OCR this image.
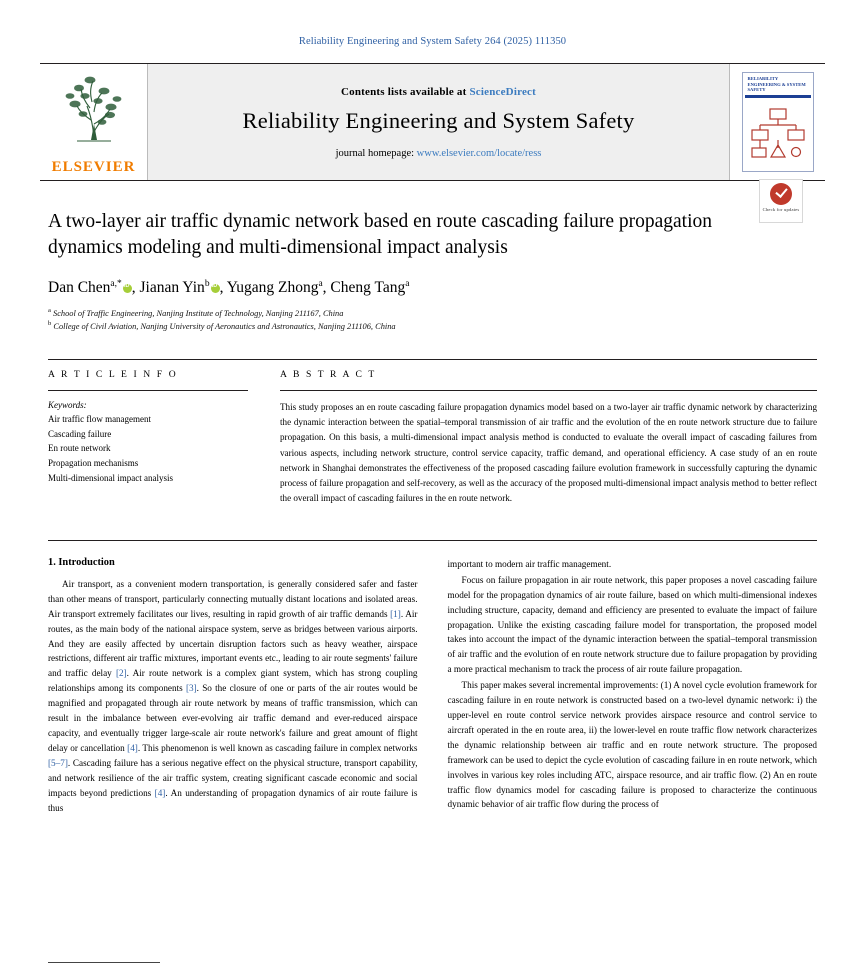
Reliability Engineering and System Safety 264 (2025) 111350
ELSEVIER
Contents lists available at ScienceDirect
Reliability Engineering and System Safety
journal homepage: www.elsevier.com/locate/ress
RELIABILITY ENGINEERING & SYSTEM SAFETY
Check for updates
A two-layer air traffic dynamic network based en route cascading failure propagation dynamics modeling and multi-dimensional impact analysis
Dan Chen$^{a,*}$ iD , Jianan Yin$^b$ iD , Yugang Zhong$^a$, Cheng Tang$^a$
$^a$ School of Traffic Engineering, Nanjing Institute of Technology, Nanjing 211167, China
$^b$ College of Civil Aviation, Nanjing University of Aeronautics and Astronautics, Nanjing 211106, China
A R T I C L E I N F O
Keywords:
Air traffic flow management
Cascading failure
En route network
Propagation mechanisms
Multi-dimensional impact analysis
A B S T R A C T
This study proposes an en route cascading failure propagation dynamics model based on a two-layer air traffic dynamic network by characterizing the dynamic interaction between the spatial–temporal transmission of air traffic and the evolution of the en route network structure due to failure propagation. On this basis, a multi-dimensional impact analysis method is conducted to evaluate the overall impact of cascading failures from various aspects, including network structure, control service capacity, traffic demand, and operational efficiency. A case study of an en route network in Shanghai demonstrates the effectiveness of the proposed cascading failure evolution framework in successfully capturing the dynamic process of failure propagation and self-recovery, as well as the accuracy of the proposed multi-dimensional impact analysis method to better reflect the overall impact of cascading failures in the en route network.
1. Introduction

Air transport, as a convenient modern transportation, is generally considered safer and faster than other means of transport, particularly connecting mutually distant locations and isolated areas. Air transport extremely facilitates our lives, resulting in rapid growth of air traffic demands [1]. Air routes, as the main body of the national airspace system, serve as bridges between various airports. And they are easily affected by uncertain disruption factors such as heavy weather, airspace restrictions, different air traffic mixtures, important events etc., leading to air route segments' failure and traffic delay [2]. Air route network is a complex giant system, which has strong coupling relationships among its components [3]. So the closure of one or parts of the air routes would be magnified and propagated through air route network by means of traffic transmission, which can result in the imbalance between ever-evolving air traffic demand and ever-reduced airspace capacity, and eventually trigger large-scale air route network's failure and great amount of flight delay or cancellation [4]. This phenomenon is well known as cascading failure in complex networks [5–7]. Cascading failure has a serious negative effect on the physical structure, transport capability, and network resilience of the air traffic system, creating significant cascade economic and social impacts beyond predictions [4]. An understanding of propagation dynamics of air route failure is thus

important to modern air traffic management.

Focus on failure propagation in air route network, this paper proposes a novel cascading failure model for the propagation dynamics of air route failure, based on which multi-dimensional indexes including structure, capacity, demand and efficiency are presented to evaluate the impact of failure propagation. Unlike the existing cascading failure model for transportation, the proposed model takes into account the impact of the dynamic interaction between the spatial–temporal transmission of air traffic and the evolution of en route network structure due to failure propagation by providing a more practical mechanism to track the process of air route failure propagation.

This paper makes several incremental improvements: (1) A novel cycle evolution framework for cascading failure in en route network is constructed based on a two-level dynamic network: i) the upper-level en route control service network provides airspace resource and control service to aircraft operated in the en route area, ii) the lower-level en route traffic flow network characterizes the dynamic relationship between air traffic and en route network structure. The proposed framework can be used to depict the cycle evolution of cascading failure in en route network, which involves in various key roles including ATC, airspace resource, and air traffic flow. (2) An en route traffic flow dynamics model for cascading failure is proposed to characterize the continuous dynamic behavior of air traffic flow during the process of
